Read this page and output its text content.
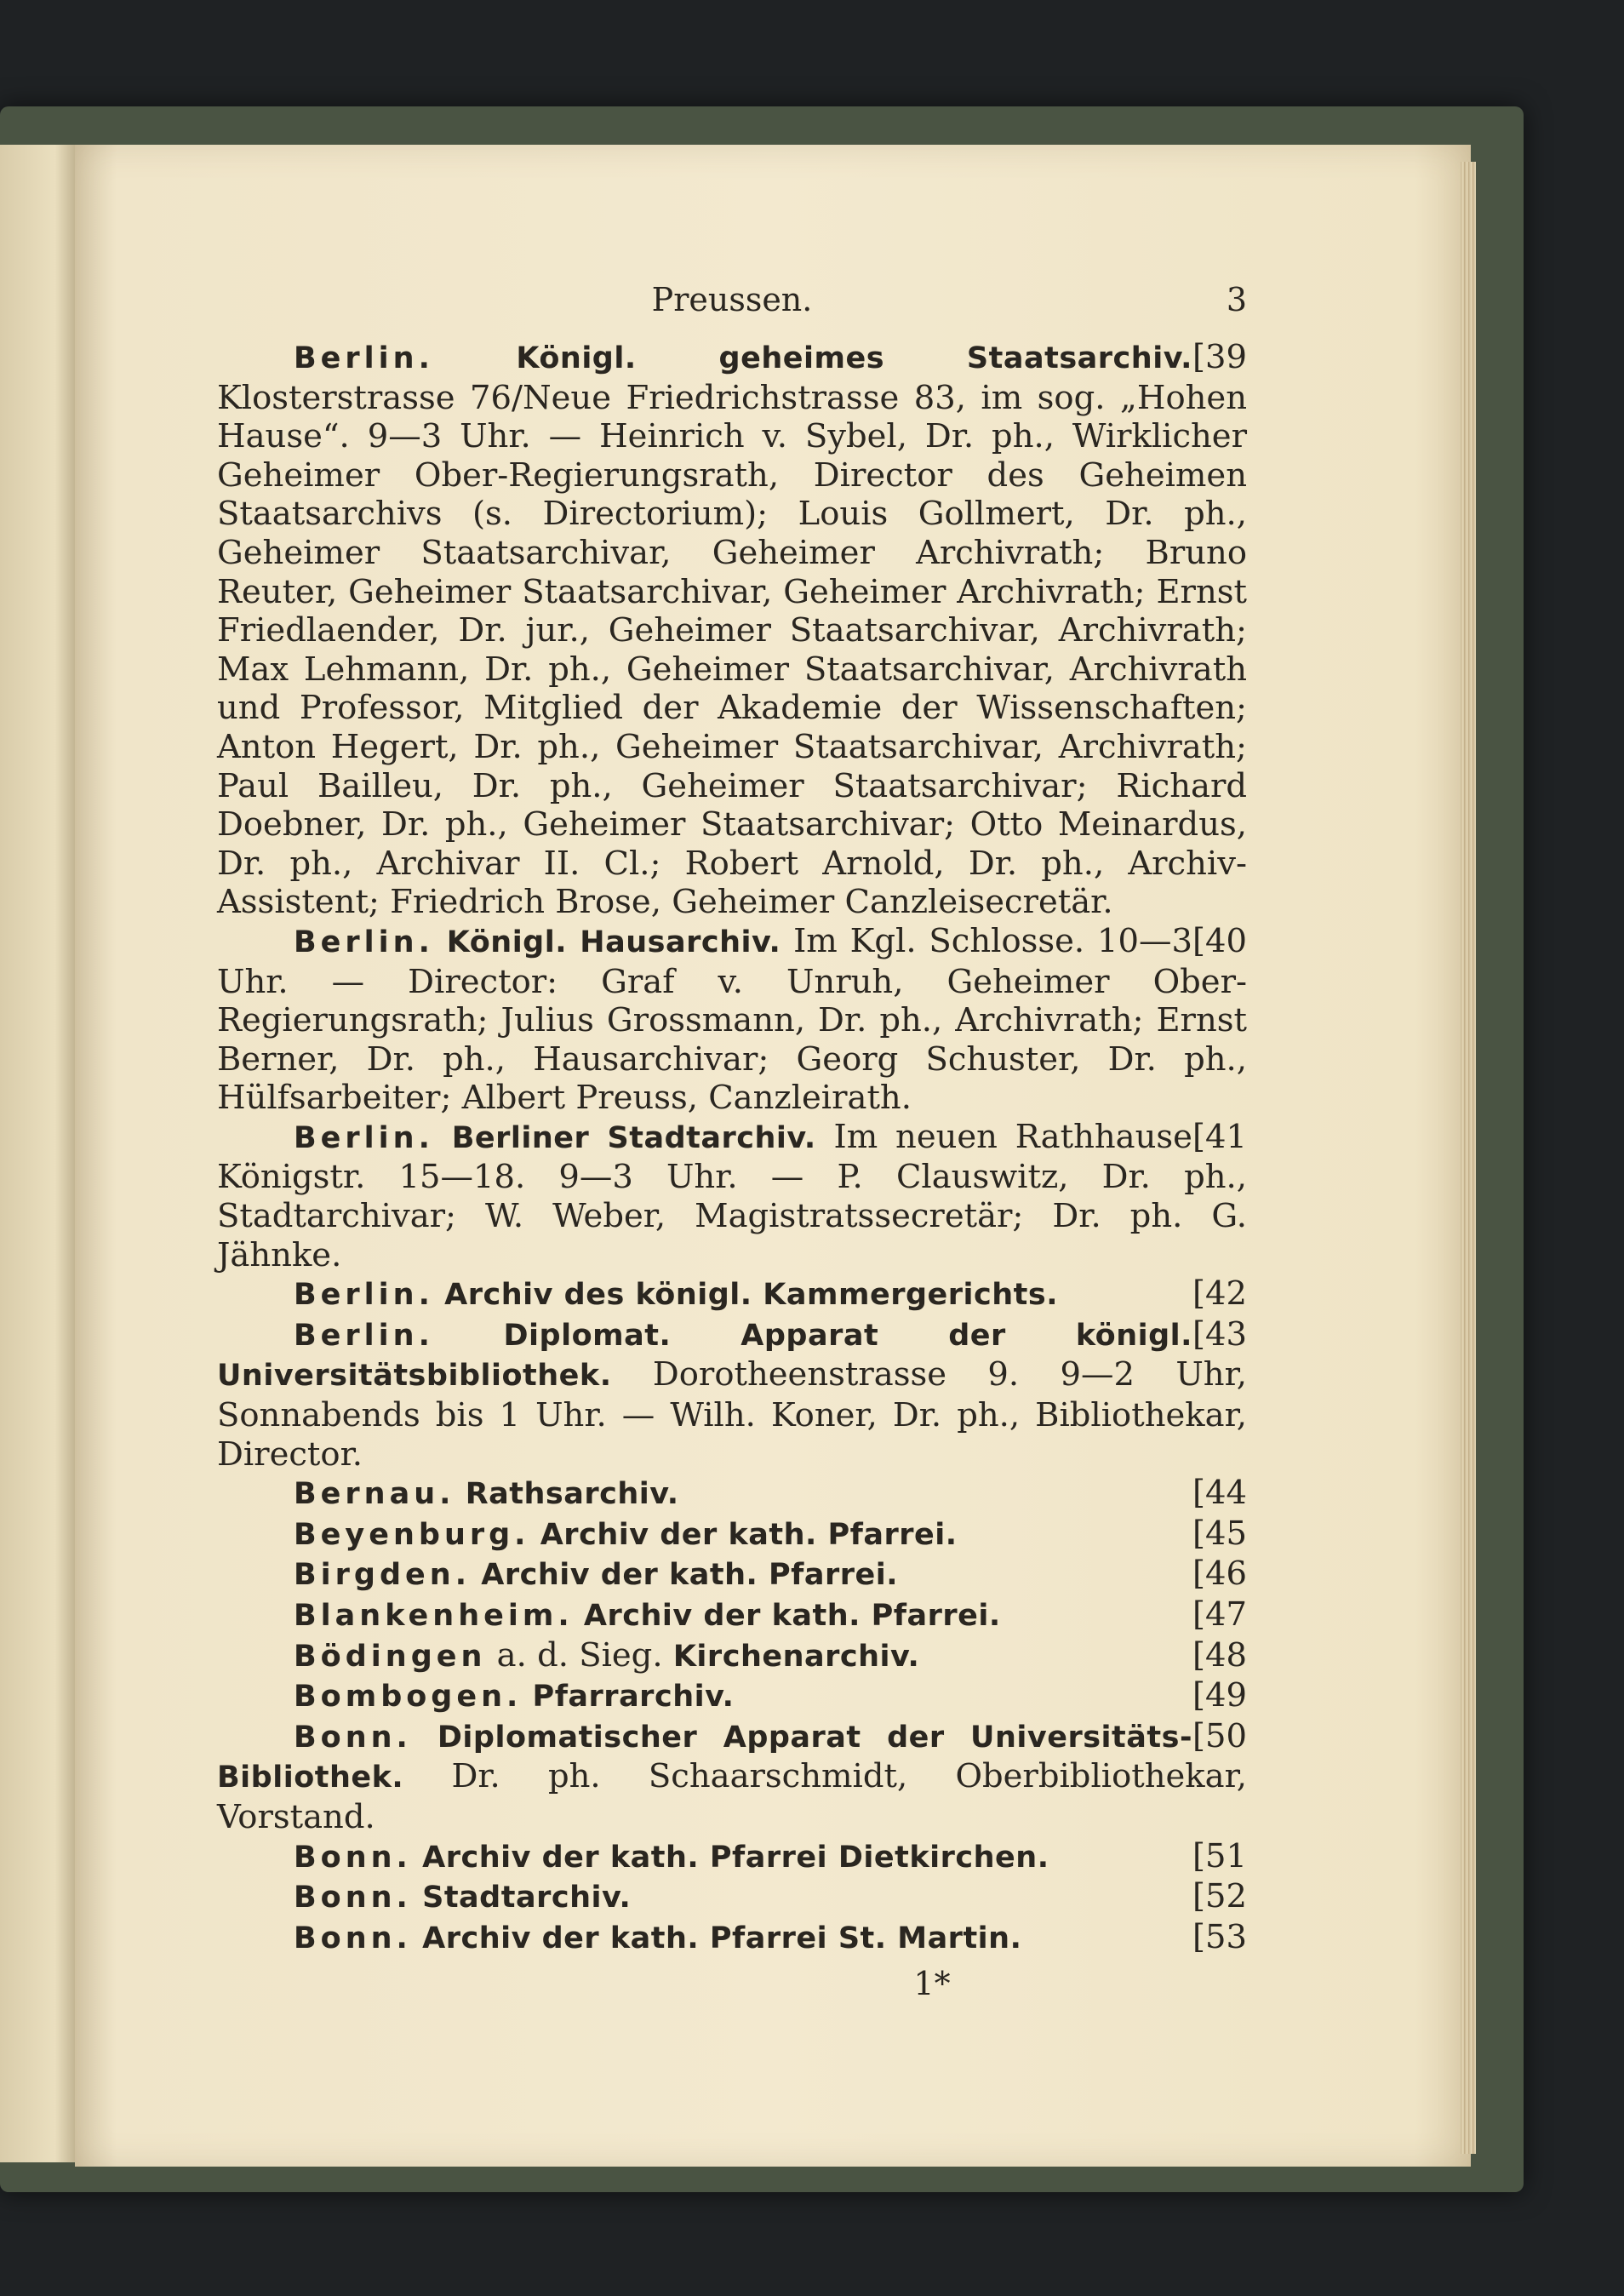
Preussen.	3
[39
Berlin.	Königl. geheimes Staatsarchiv. Klosterstrasse 76/Neue Friedrichstrasse 83, im sog. „Hohen Hause“. 9—3 Uhr. — Heinrich v. Sybel, Dr. ph., Wirklicher Geheimer Ober-Regierungsrath, Director des Geheimen Staatsarchivs (s. Directorium); Louis Gollmert, Dr. ph., Geheimer Staatsarchivar, Geheimer Archivrath; Bruno Reuter, Geheimer Staatsarchivar, Geheimer Archivrath; Ernst Friedlaender, Dr. jur., Geheimer Staatsarchivar, Archivrath; Max Lehmann, Dr. ph., Geheimer Staatsarchivar, Archivrath und Professor, Mitglied der Akademie der Wissenschaften; Anton Hegert, Dr. ph., Geheimer Staatsarchivar, Archivrath; Paul Bailleu, Dr. ph., Geheimer Staatsarchivar; Richard Doebner, Dr. ph., Geheimer Staatsarchivar; Otto Meinardus, Dr. ph., Archivar II. Cl.; Robert Arnold, Dr. ph., Archiv-Assistent; Friedrich Brose, Geheimer Canzleisecretär.
[40
Berlin. Königl. Hausarchiv. Im Kgl. Schlosse. 10—3 Uhr. — Director: Graf v. Unruh, Geheimer Ober-Regierungsrath; Julius Grossmann, Dr. ph., Archivrath; Ernst Berner, Dr. ph., Hausarchivar; Georg Schuster, Dr. ph., Hülfsarbeiter; Albert Preuss, Canzleirath.
[41
Berlin. Berliner Stadtarchiv. Im neuen Rathhause Königstr. 15—18. 9—3 Uhr. — P. Clauswitz, Dr. ph., Stadtarchivar; W. Weber, Magistratssecretär; Dr. ph. G. Jähnke.
[42
Berlin. Archiv des königl. Kammergerichts.
[43
Berlin. Diplomat. Apparat der königl. Universitätsbibliothek. Dorotheenstrasse 9. 9—2 Uhr, Sonnabends bis 1 Uhr. — Wilh. Koner, Dr. ph., Bibliothekar, Director.
[44
Bernau. Rathsarchiv.
[45
Beyenburg. Archiv der kath. Pfarrei.
[46
Birgden. Archiv der kath. Pfarrei.
[47
Blankenheim. Archiv der kath. Pfarrei.
[48
Bödingen a. d. Sieg. Kirchenarchiv.
[49
Bombogen. Pfarrarchiv.
[50
Bonn. Diplomatischer Apparat der Universitäts-Bibliothek. Dr. ph. Schaarschmidt, Oberbibliothekar, Vorstand.
[51
Bonn. Archiv der kath. Pfarrei Dietkirchen.
[52
Bonn. Stadtarchiv.
[53
Bonn. Archiv der kath. Pfarrei St. Martin.
1*
